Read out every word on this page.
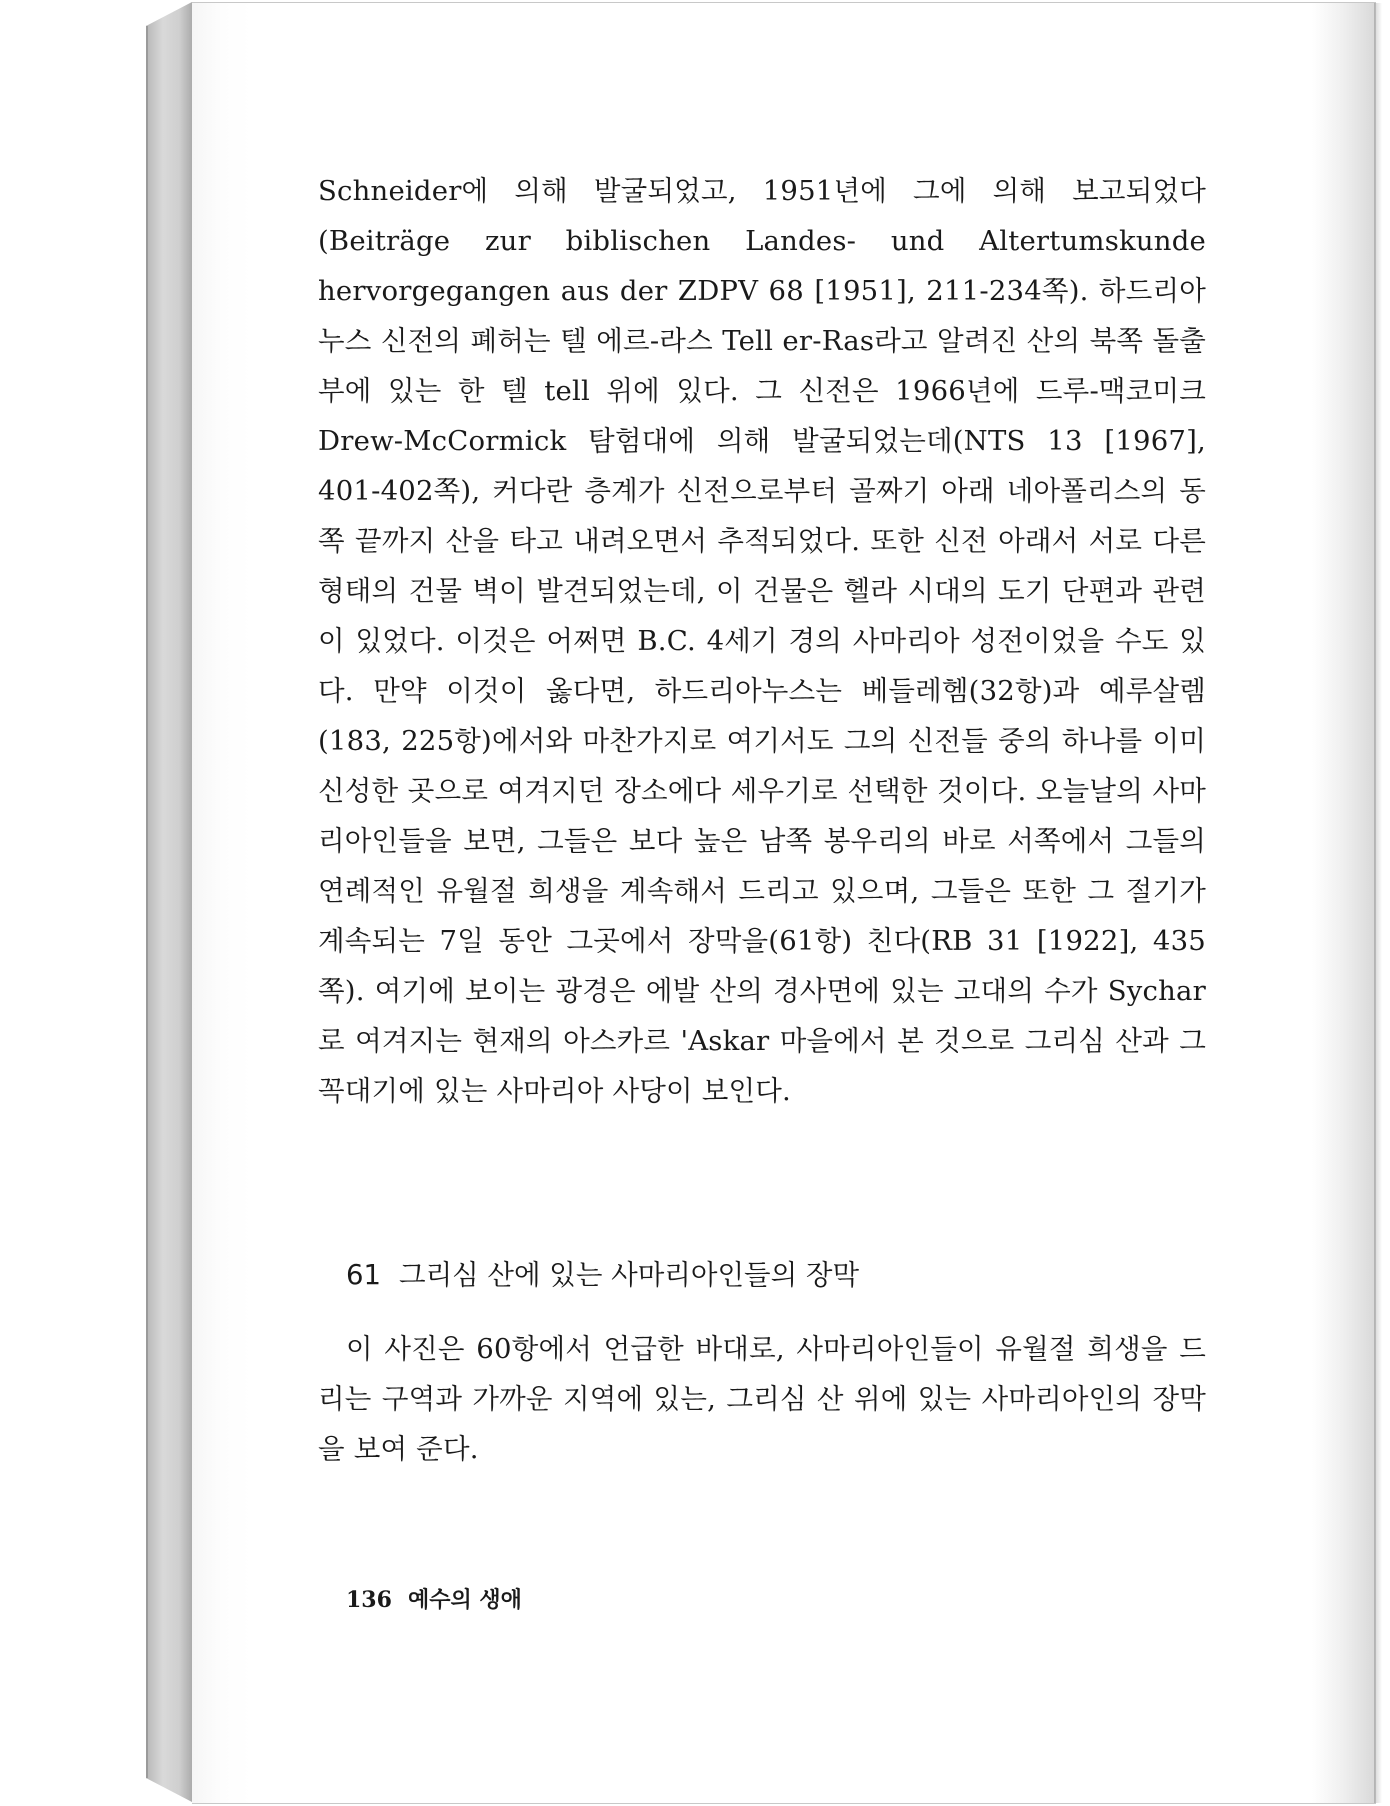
Schneider에 의해 발굴되었고, 1951년에 그에 의해 보고되었다(Beiträge zur biblischen Landes- und Altertumskunde hervorgegangen aus der ZDPV 68 [1951], 211-234쪽). 하드리아누스 신전의 폐허는 텔 에르-라스 Tell er-Ras라고 알려진 산의 북쪽 돌출부에 있는 한 텔 tell 위에 있다. 그 신전은 1966년에 드루-맥코미크 Drew-McCormick 탐험대에 의해 발굴되었는데(NTS 13 [1967], 401-402쪽), 커다란 층계가 신전으로부터 골짜기 아래 네아폴리스의 동쪽 끝까지 산을 타고 내려오면서 추적되었다. 또한 신전 아래서 서로 다른 형태의 건물 벽이 발견되었는데, 이 건물은 헬라 시대의 도기 단편과 관련이 있었다. 이것은 어쩌면 B.C. 4세기 경의 사마리아 성전이었을 수도 있다. 만약 이것이 옳다면, 하드리아누스는 베들레헴(32항)과 예루살렘(183, 225항)에서와 마찬가지로 여기서도 그의 신전들 중의 하나를 이미 신성한 곳으로 여겨지던 장소에다 세우기로 선택한 것이다. 오늘날의 사마리아인들을 보면, 그들은 보다 높은 남쪽 봉우리의 바로 서쪽에서 그들의 연례적인 유월절 희생을 계속해서 드리고 있으며, 그들은 또한 그 절기가 계속되는 7일 동안 그곳에서 장막을(61항) 친다(RB 31 [1922], 435쪽). 여기에 보이는 광경은 에발 산의 경사면에 있는 고대의 수가 Sychar로 여겨지는 현재의 아스카르 'Askar 마을에서 본 것으로 그리심 산과 그 꼭대기에 있는 사마리아 사당이 보인다.

61 그리심 산에 있는 사마리아인들의 장막

이 사진은 60항에서 언급한 바대로, 사마리아인들이 유월절 희생을 드리는 구역과 가까운 지역에 있는, 그리심 산 위에 있는 사마리아인의 장막을 보여 준다.

136 예수의 생애
